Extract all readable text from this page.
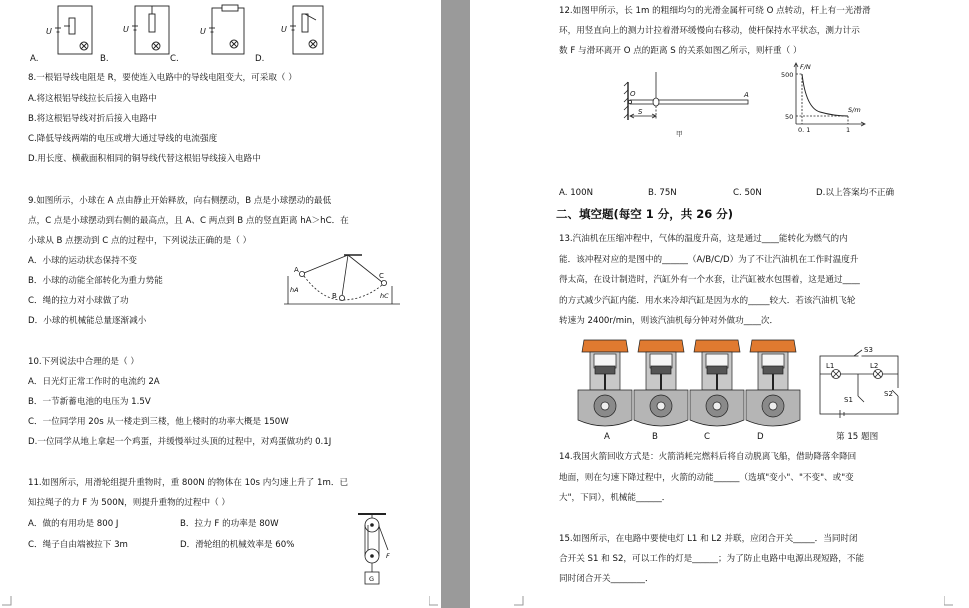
U	U	U	U
A.	B.	C.	D.
8.一根铝导线电阻是 R，要使连入电路中的导线电阻变大，可采取（ ）
A.将这根铝导线拉长后接入电路中
B.将这根铝导线对折后接入电路中
C.降低导线两端的电压或增大通过导线的电流强度
D.用长度、横截面积相同的铜导线代替这根铝导线接入电路中
9.如图所示，小球在 A 点由静止开始释放，向右侧摆动，B 点是小球摆动的最低
点，C 点是小球摆动到右侧的最高点，且 A、C 两点到 B 点的竖直距离 hA＞hC．在
小球从 B 点摆动到 C 点的过程中，下列说法正确的是（ ）
A．小球的运动状态保持不变
B．小球的动能全部转化为重力势能
C．绳的拉力对小球做了功
D．小球的机械能总量逐渐减小
A
B
C
hA
hC
10.下列说法中合理的是（ ）
A．日光灯正常工作时的电流约 2A
B．一节新蓄电池的电压为 1.5V
C．一位同学用 20s 从一楼走到三楼，他上楼时的功率大概是 150W
D.一位同学从地上拿起一个鸡蛋，并缓慢举过头顶的过程中，对鸡蛋做功约 0.1J
11.如图所示，用滑轮组提升重物时，重 800N 的物体在 10s 内匀速上升了 1m．已
知拉绳子的力 F 为 500N，则提升重物的过程中（ ）
A．做的有用功是 800 J	B．拉力 F 的功率是 80W
C．绳子自由端被拉下 3m	D．滑轮组的机械效率是 60%
F
G
12.如图甲所示，长 1m 的粗细均匀的光滑金属杆可绕 O 点转动，杆上有一光滑滑
环，用竖直向上的测力计拉着滑环缓慢向右移动，使杆保持水平状态，测力计示
数 F 与滑环离开 O 点的距离 S 的关系如图乙所示，则杆重（ ）
O	A
S
甲
F/N
S/m
500
50
0. 1	1
A. 100N	B. 75N	C. 50N	D.以上答案均不正确
二、填空题(每空 1 分，共 26 分)
13.汽油机在压缩冲程中，气体的温度升高，这是通过____能转化为燃气的内
能．该冲程对应的是图中的______（A/B/C/D）为了不让汽油机在工作时温度升
得太高，在设计制造时，汽缸外有一个水套，让汽缸被水包围着，这是通过____
的方式减少汽缸内能．用水来冷却汽缸是因为水的_____较大．若该汽油机飞轮
转速为 2400r/min，则该汽油机每分钟对外做功____次．
A	B	C	D
S3
L1	L2
S1
S2
第 15 题图
14.我国火箭回收方式是：火箭消耗完燃料后将自动脱离飞船，借助降落伞降回
地面，则在匀速下降过程中，火箭的动能______（选填"变小"、"不变"、或"变
大"，下同），机械能______．
15.如图所示，在电路中要使电灯 L1 和 L2 并联，应闭合开关_____．当同时闭
合开关 S1 和 S2，可以工作的灯是______；为了防止电路中电源出现短路，不能
同时闭合开关________．
